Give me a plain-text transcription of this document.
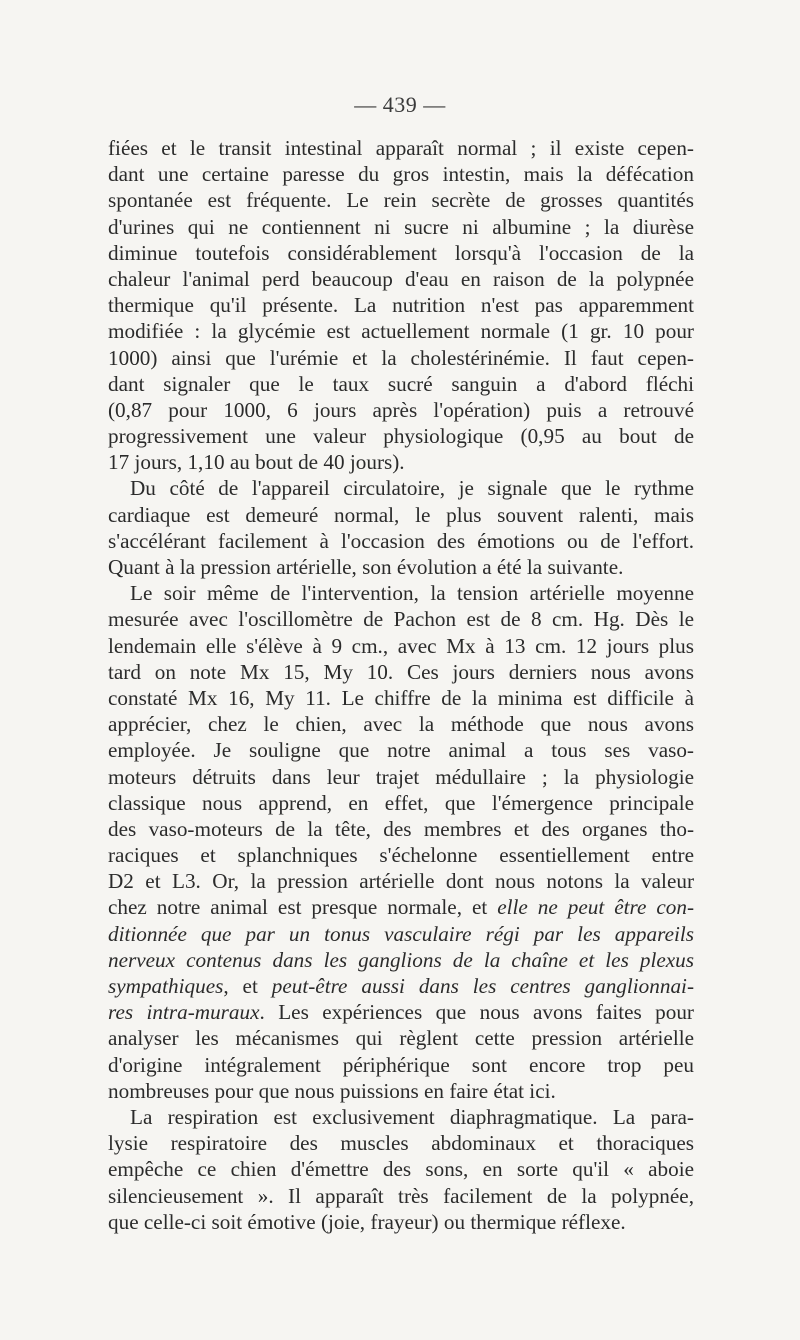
— 439 —
fiées et le transit intestinal apparaît normal ; il existe cepen-
dant une certaine paresse du gros intestin, mais la défécation
spontanée est fréquente. Le rein secrète de grosses quantités
d'urines qui ne contiennent ni sucre ni albumine ; la diurèse
diminue toutefois considérablement lorsqu'à l'occasion de la
chaleur l'animal perd beaucoup d'eau en raison de la polypnée
thermique qu'il présente. La nutrition n'est pas apparemment
modifiée : la glycémie est actuellement normale (1 gr. 10 pour
1000) ainsi que l'urémie et la cholestérinémie. Il faut cepen-
dant signaler que le taux sucré sanguin a d'abord fléchi
(0,87 pour 1000, 6 jours après l'opération) puis a retrouvé
progressivement une valeur physiologique (0,95 au bout de
17 jours, 1,10 au bout de 40 jours).
Du côté de l'appareil circulatoire, je signale que le rythme
cardiaque est demeuré normal, le plus souvent ralenti, mais
s'accélérant facilement à l'occasion des émotions ou de l'effort.
Quant à la pression artérielle, son évolution a été la suivante.
Le soir même de l'intervention, la tension artérielle moyenne
mesurée avec l'oscillomètre de Pachon est de 8 cm. Hg. Dès le
lendemain elle s'élève à 9 cm., avec Mx à 13 cm. 12 jours plus
tard on note Mx 15, My 10. Ces jours derniers nous avons
constaté Mx 16, My 11. Le chiffre de la minima est difficile à
apprécier, chez le chien, avec la méthode que nous avons
employée. Je souligne que notre animal a tous ses vaso-
moteurs détruits dans leur trajet médullaire ; la physiologie
classique nous apprend, en effet, que l'émergence principale
des vaso-moteurs de la tête, des membres et des organes tho-
raciques et splanchniques s'échelonne essentiellement entre
D2 et L3. Or, la pression artérielle dont nous notons la valeur
chez notre animal est presque normale, et elle ne peut être con-
ditionnée que par un tonus vasculaire régi par les appareils
nerveux contenus dans les ganglions de la chaîne et les plexus
sympathiques, et peut-être aussi dans les centres ganglionnai-
res intra-muraux. Les expériences que nous avons faites pour
analyser les mécanismes qui règlent cette pression artérielle
d'origine intégralement périphérique sont encore trop peu
nombreuses pour que nous puissions en faire état ici.
La respiration est exclusivement diaphragmatique. La para-
lysie respiratoire des muscles abdominaux et thoraciques
empêche ce chien d'émettre des sons, en sorte qu'il « aboie
silencieusement ». Il apparaît très facilement de la polypnée,
que celle-ci soit émotive (joie, frayeur) ou thermique réflexe.
